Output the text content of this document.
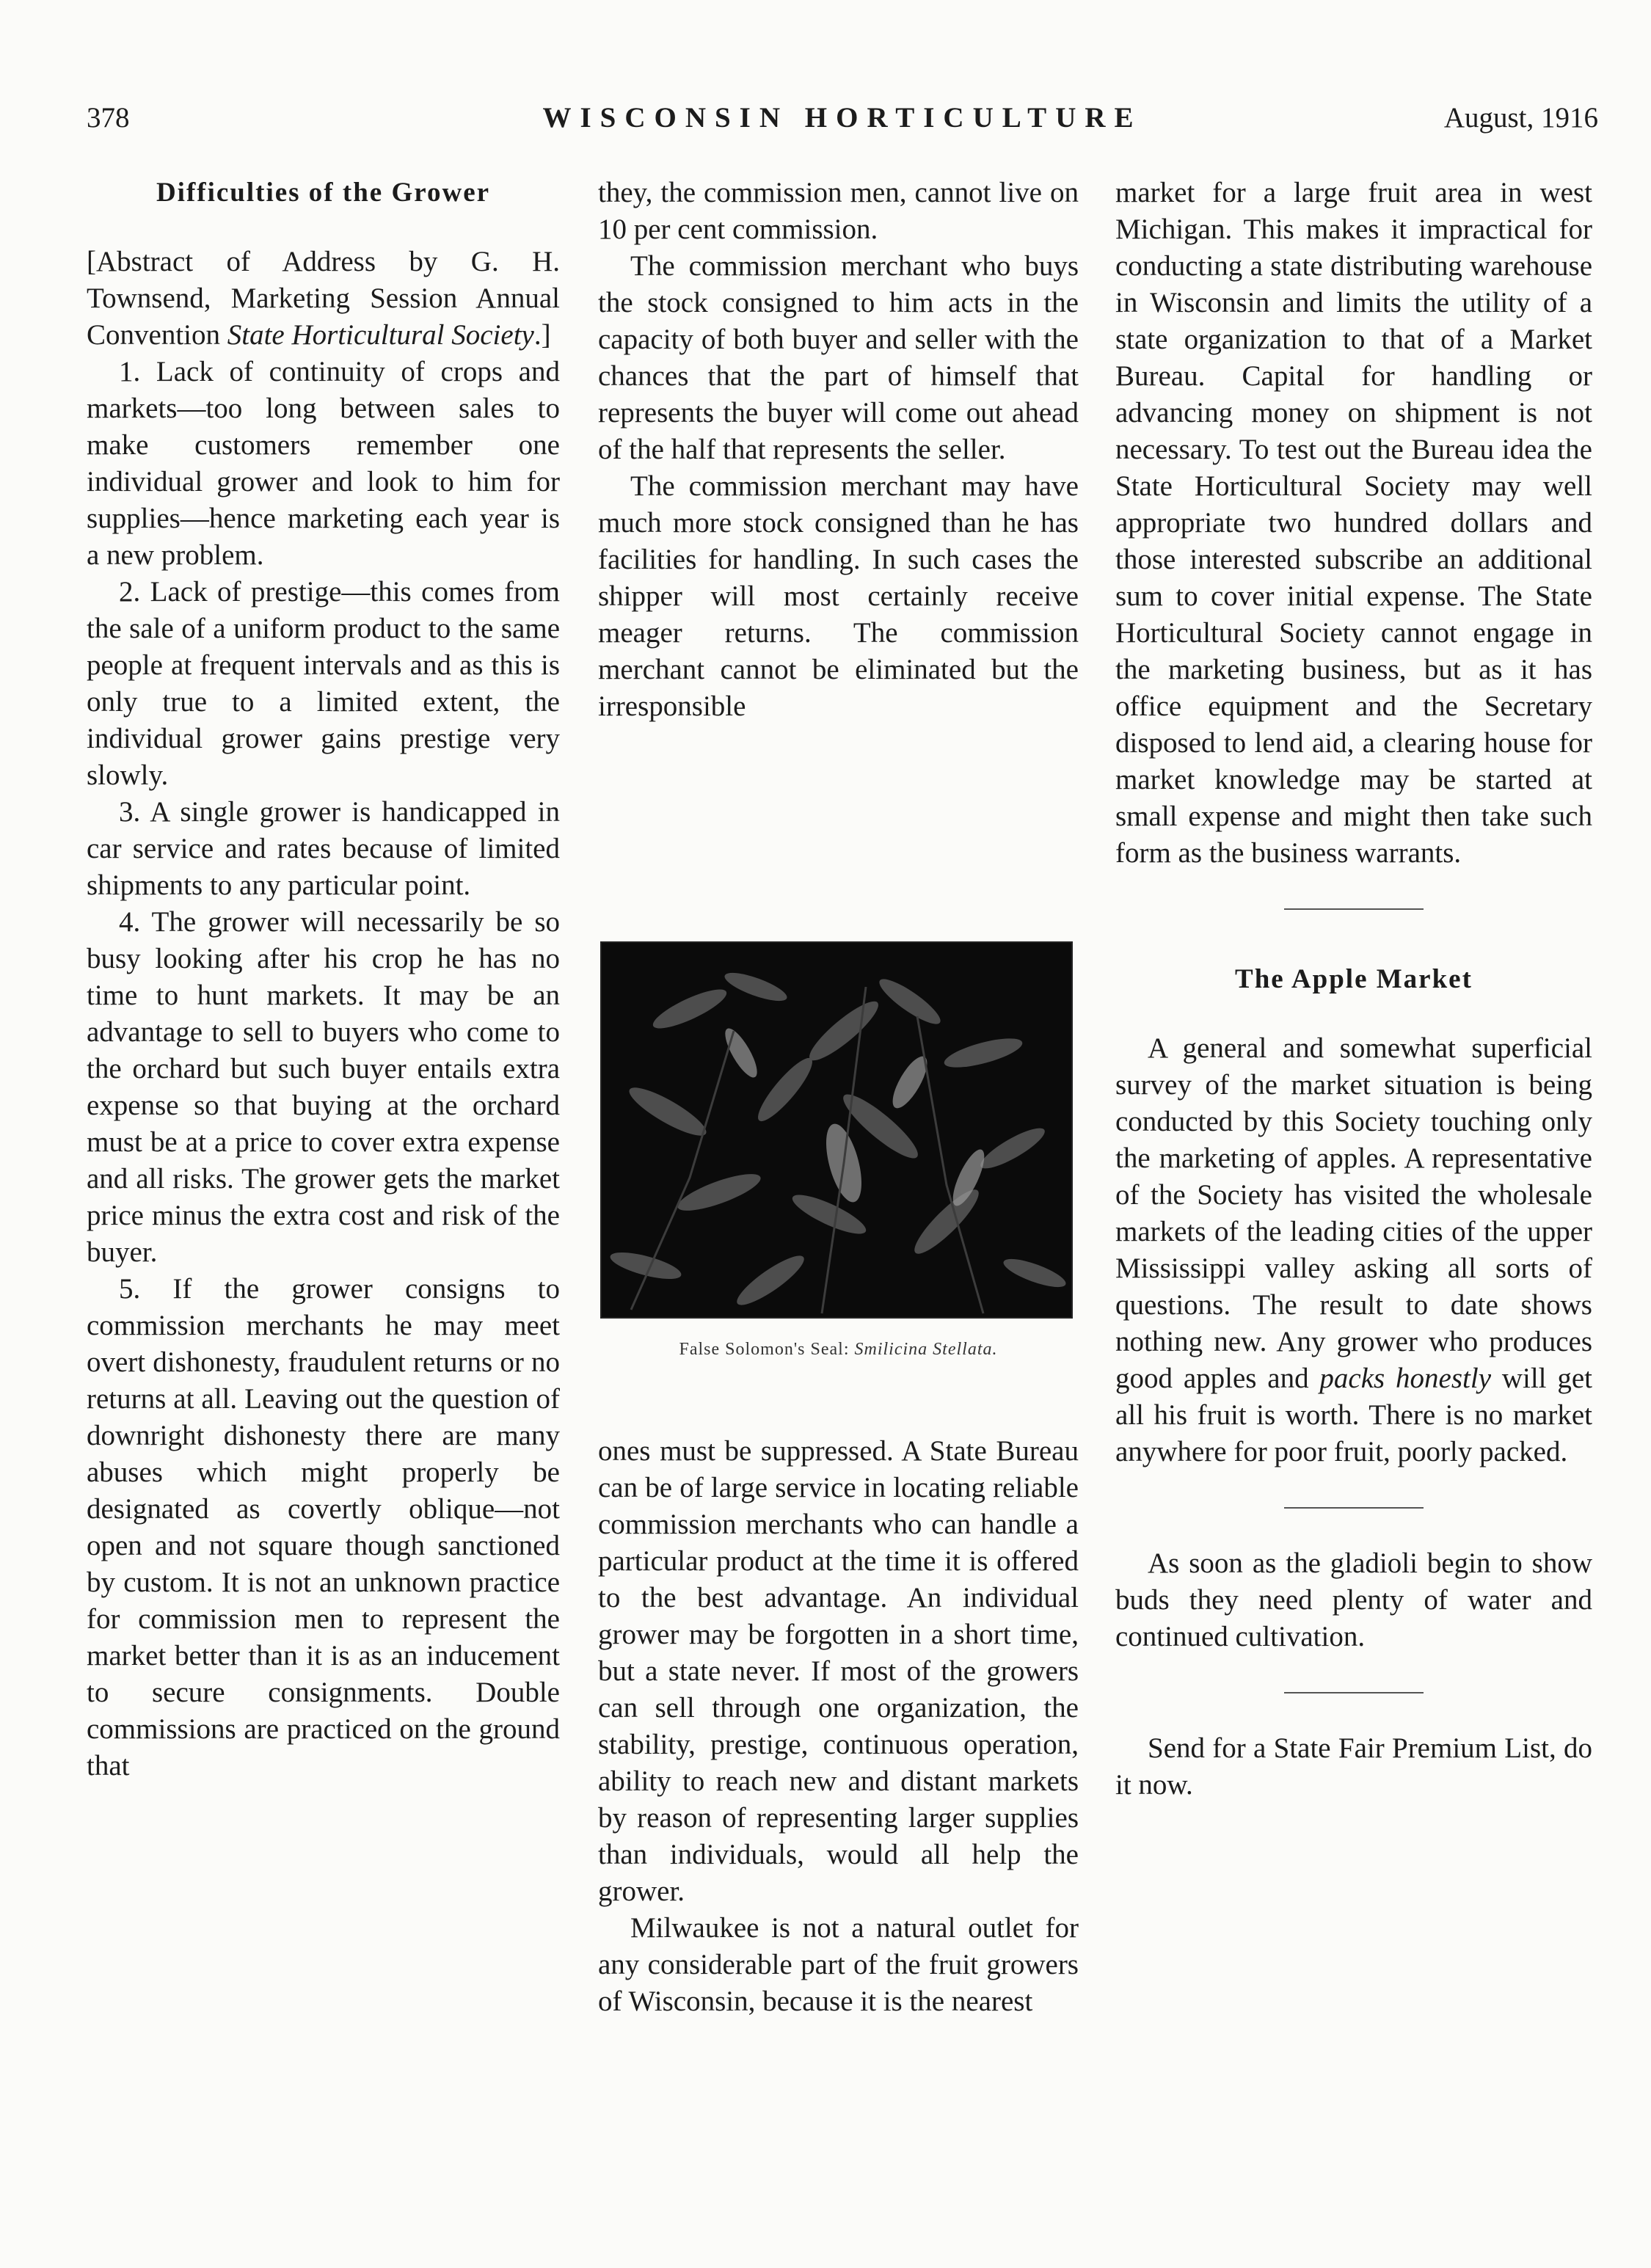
378	WISCONSIN HORTICULTURE	August, 1916
Difficulties of the Grower

[Abstract of Address by G. H. Townsend, Marketing Session Annual Convention State Horticultural Society.]

1. Lack of continuity of crops and markets—too long between sales to make customers remember one individual grower and look to him for supplies—hence marketing each year is a new problem.

2. Lack of prestige—this comes from the sale of a uniform product to the same people at frequent intervals and as this is only true to a limited extent, the individual grower gains prestige very slowly.

3. A single grower is handicapped in car service and rates because of limited shipments to any particular point.

4. The grower will necessarily be so busy looking after his crop he has no time to hunt markets. It may be an advantage to sell to buyers who come to the orchard but such buyer entails extra expense so that buying at the orchard must be at a price to cover extra expense and all risks. The grower gets the market price minus the extra cost and risk of the buyer.

5. If the grower consigns to commission merchants he may meet overt dishonesty, fraudulent returns or no returns at all. Leaving out the question of downright dishonesty there are many abuses which might properly be designated as covertly oblique—not open and not square though sanctioned by custom. It is not an unknown practice for commission men to represent the market better than it is as an inducement to secure consignments. Double commissions are practiced on the ground that

they, the commission men, cannot live on 10 per cent commission.

The commission merchant who buys the stock consigned to him acts in the capacity of both buyer and seller with the chances that the part of himself that represents the buyer will come out ahead of the half that represents the seller.

The commission merchant may have much more stock consigned than he has facilities for handling. In such cases the shipper will most certainly receive meager returns. The commission merchant cannot be eliminated but the irresponsible

False Solomon's Seal: Smilicina Stellata.

ones must be suppressed. A State Bureau can be of large service in locating reliable commission merchants who can handle a particular product at the time it is offered to the best advantage. An individual grower may be forgotten in a short time, but a state never. If most of the growers can sell through one organization, the stability, prestige, continuous operation, ability to reach new and distant markets by reason of representing larger supplies than individuals, would all help the grower.

Milwaukee is not a natural outlet for any considerable part of the fruit growers of Wisconsin, because it is the nearest

market for a large fruit area in west Michigan. This makes it impractical for conducting a state distributing warehouse in Wisconsin and limits the utility of a state organization to that of a Market Bureau. Capital for handling or advancing money on shipment is not necessary. To test out the Bureau idea the State Horticultural Society may well appropriate two hundred dollars and those interested subscribe an additional sum to cover initial expense. The State Horticultural Society cannot engage in the marketing business, but as it has office equipment and the Secretary disposed to lend aid, a clearing house for market knowledge may be started at small expense and might then take such form as the business warrants.

The Apple Market

A general and somewhat superficial survey of the market situation is being conducted by this Society touching only the marketing of apples. A representative of the Society has visited the wholesale markets of the leading cities of the upper Mississippi valley asking all sorts of questions. The result to date shows nothing new. Any grower who produces good apples and packs honestly will get all his fruit is worth. There is no market anywhere for poor fruit, poorly packed.

As soon as the gladioli begin to show buds they need plenty of water and continued cultivation.

Send for a State Fair Premium List, do it now.
